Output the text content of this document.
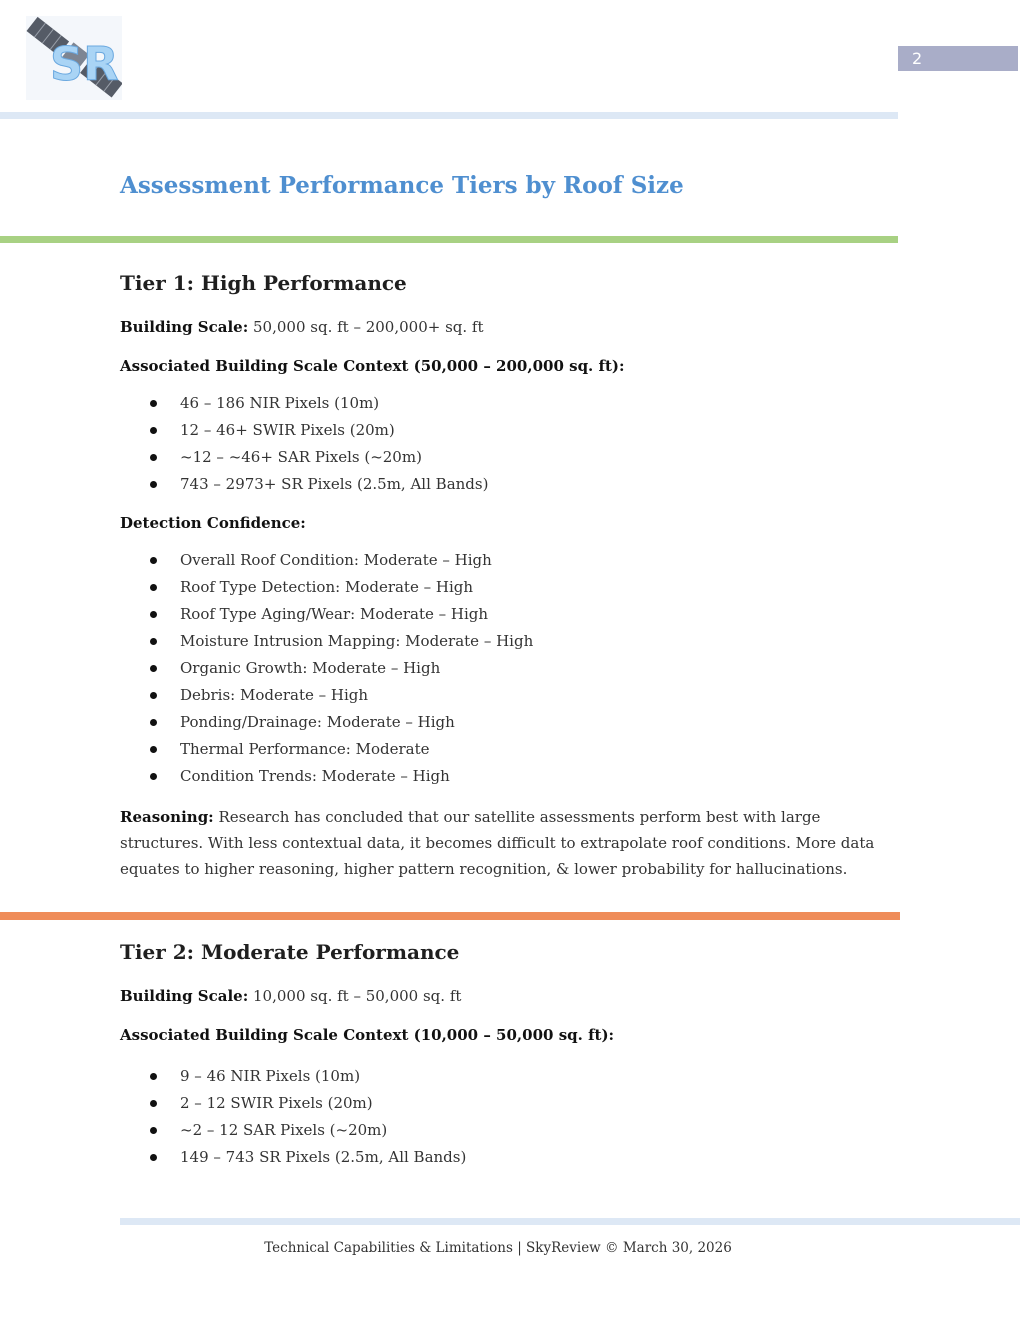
SR	2
Assessment Performance Tiers by Roof Size
Tier 1: High Performance

Building Scale: 50,000 sq. ft – 200,000+ sq. ft

Associated Building Scale Context (50,000 – 200,000 sq. ft):

46 – 186 NIR Pixels (10m)
12 – 46+ SWIR Pixels (20m)
~12 – ~46+ SAR Pixels (~20m)
743 – 2973+ SR Pixels (2.5m, All Bands)

Detection Confidence:

Overall Roof Condition: Moderate – High
Roof Type Detection: Moderate – High
Roof Type Aging/Wear: Moderate – High
Moisture Intrusion Mapping: Moderate – High
Organic Growth: Moderate – High
Debris: Moderate – High
Ponding/Drainage: Moderate – High
Thermal Performance: Moderate
Condition Trends: Moderate – High

Reasoning: Research has concluded that our satellite assessments perform best with large structures. With less contextual data, it becomes difficult to extrapolate roof conditions. More data equates to higher reasoning, higher pattern recognition, & lower probability for hallucinations.

Tier 2: Moderate Performance

Building Scale: 10,000 sq. ft – 50,000 sq. ft

Associated Building Scale Context (10,000 – 50,000 sq. ft):

9 – 46 NIR Pixels (10m)
2 – 12 SWIR Pixels (20m)
~2 – 12 SAR Pixels (~20m)
149 – 743 SR Pixels (2.5m, All Bands)
Technical Capabilities & Limitations | SkyReview © March 30, 2026
